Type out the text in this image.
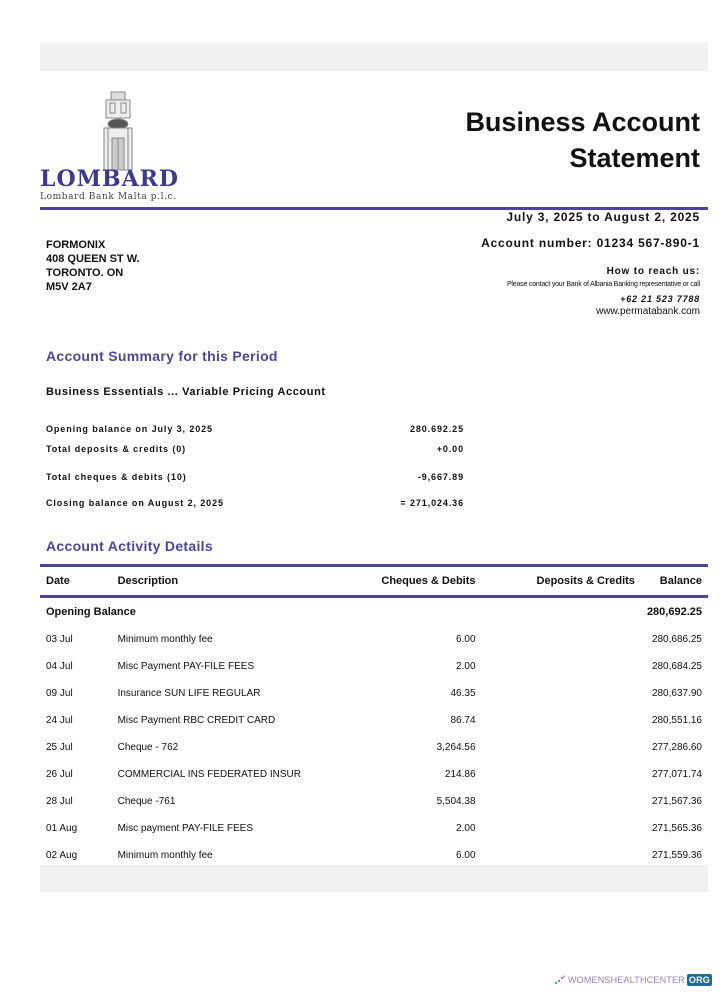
LOMBARD
Lombard Bank Malta p.l.c.
Business Account
Statement
July 3, 2025 to August 2, 2025
Account number: 01234 567-890-1
FORMONIX
408 QUEEN ST W.
TORONTO. ON
M5V 2A7
How to reach us:
Please contact your Bank of Albania Banking representative or call
+62 21 523 7788
www.permatabank.com
Account Summary for this Period
Business Essentials ... Variable Pricing Account
Opening balance on July 3, 2025	280.692.25
Total deposits & credits (0)	+0.00
Total cheques & debits (10)	-9,667.89
Closing balance on August 2, 2025	= 271,024.36
Account Activity Details
Date	Description	Cheques & Debits	Deposits & Credits	Balance
Opening Balance				280,692.25
03 Jul	Minimum monthly fee	6.00		280,686.25
04 Jul	Misc Payment PAY-FILE FEES	2.00		280,684.25
09 Jul	Insurance SUN LIFE REGULAR	46.35		280,637.90
24 Jul	Misc Payment RBC CREDIT CARD	86.74		280,551.16
25 Jul	Cheque - 762	3,264.56		277,286.60
26 Jul	COMMERCIAL INS FEDERATED INSUR	214.86		277,071.74
28 Jul	Cheque -761	5,504.38		271,567.36
01 Aug	Misc payment PAY-FILE FEES	2.00		271,565.36
02 Aug	Minimum monthly fee	6.00		271,559.36
WOMENSHEALTHCENTER ORG
